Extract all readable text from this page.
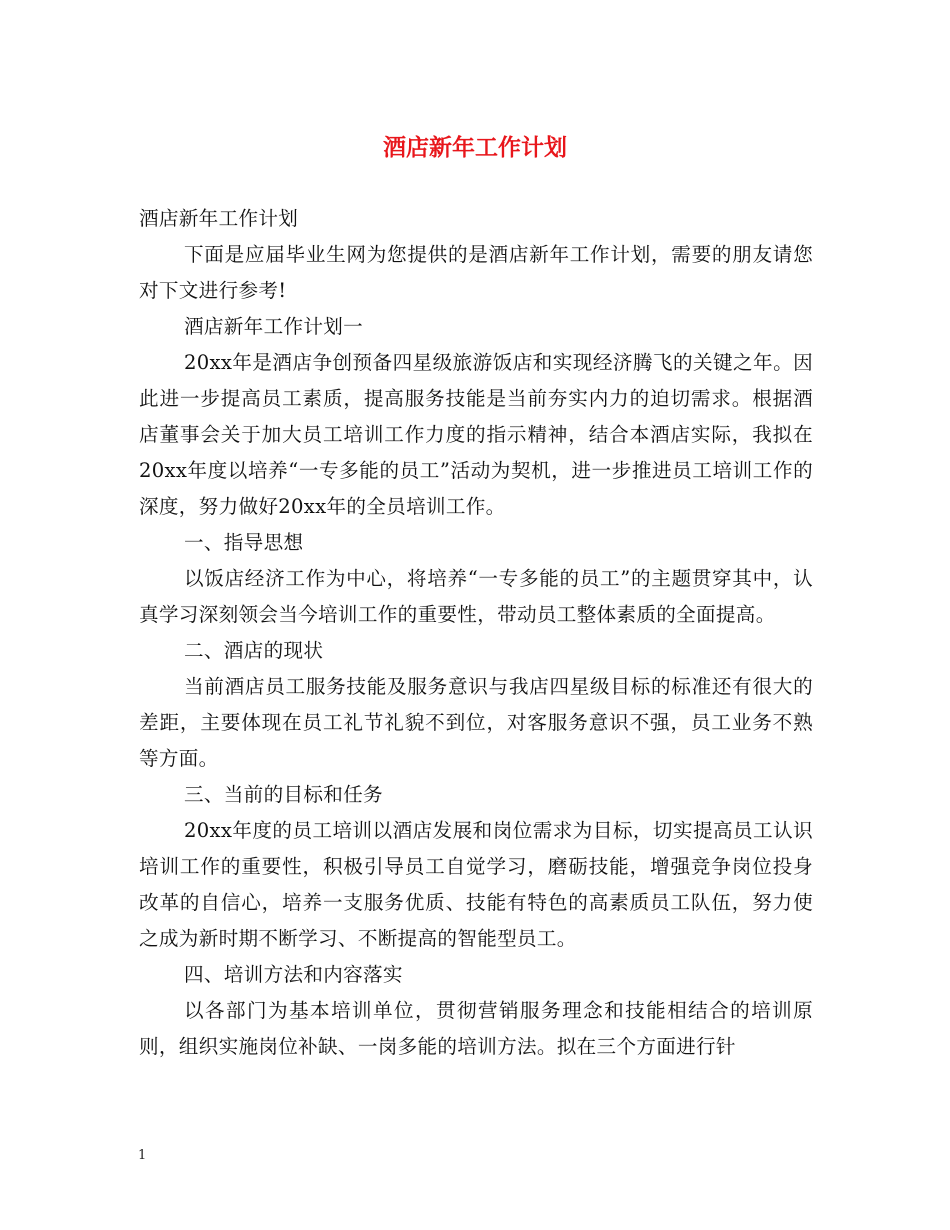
酒店新年工作计划

酒店新年工作计划

下面是应届毕业生网为您提供的是酒店新年工作计划，需要的朋友请您对下文进行参考!

酒店新年工作计划一

20xx年是酒店争创预备四星级旅游饭店和实现经济腾飞的关键之年。因此进一步提高员工素质，提高服务技能是当前夯实内力的迫切需求。根据酒店董事会关于加大员工培训工作力度的指示精神，结合本酒店实际，我拟在20xx年度以培养“一专多能的员工”活动为契机，进一步推进员工培训工作的深度，努力做好20xx年的全员培训工作。

一、指导思想

以饭店经济工作为中心，将培养“一专多能的员工”的主题贯穿其中，认真学习深刻领会当今培训工作的重要性，带动员工整体素质的全面提高。

二、酒店的现状

当前酒店员工服务技能及服务意识与我店四星级目标的标准还有很大的差距，主要体现在员工礼节礼貌不到位，对客服务意识不强，员工业务不熟等方面。

三、当前的目标和任务

20xx年度的员工培训以酒店发展和岗位需求为目标，切实提高员工认识培训工作的重要性，积极引导员工自觉学习，磨砺技能，增强竞争岗位投身改革的自信心，培养一支服务优质、技能有特色的高素质员工队伍，努力使之成为新时期不断学习、不断提高的智能型员工。

四、培训方法和内容落实

以各部门为基本培训单位，贯彻营销服务理念和技能相结合的培训原则，组织实施岗位补缺、一岗多能的培训方法。拟在三个方面进行针

1
